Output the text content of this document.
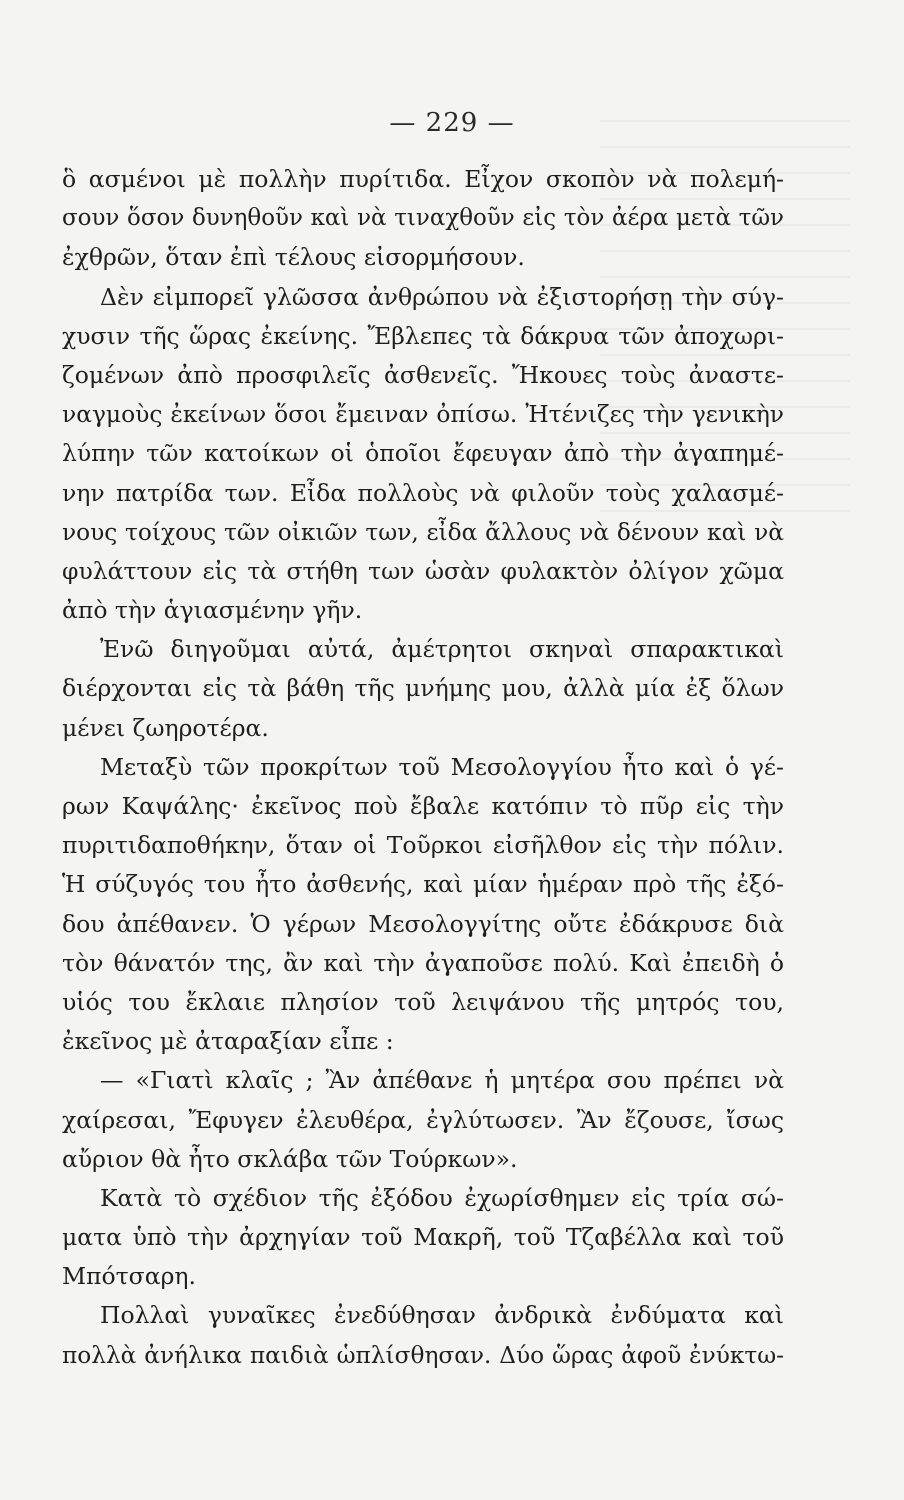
— 229 —
ὃ ασμένοι μὲ πολλὴν πυρίτιδα. Εἶχον σκοπὸν νὰ πολεμή-
σουν ὅσον δυνηθοῦν καὶ νὰ τιναχθοῦν εἰς τὸν ἀέρα μετὰ τῶν
ἐχθρῶν, ὅταν ἐπὶ τέλους εἰσορμήσουν.
Δὲν εἰμπορεῖ γλῶσσα ἀνθρώπου νὰ ἐξιστορήσῃ τὴν σύγ-
χυσιν τῆς ὥρας ἐκείνης. Ἔβλεπες τὰ δάκρυα τῶν ἀποχωρι-
ζομένων ἀπὸ προσφιλεῖς ἀσθενεῖς. Ἤκουες τοὺς ἀναστε-
ναγμοὺς ἐκείνων ὅσοι ἔμειναν ὀπίσω. Ἠτένιζες τὴν γενικὴν
λύπην τῶν κατοίκων οἱ ὁποῖοι ἔφευγαν ἀπὸ τὴν ἀγαπημέ-
νην πατρίδα των. Εἶδα πολλοὺς νὰ φιλοῦν τοὺς χαλασμέ-
νους τοίχους τῶν οἰκιῶν των, εἶδα ἄλλους νὰ δένουν καὶ νὰ
φυλάττουν εἰς τὰ στήθη των ὡσὰν φυλακτὸν ὀλίγον χῶμα
ἀπὸ τὴν ἁγιασμένην γῆν.
Ἐνῶ διηγοῦμαι αὐτά, ἀμέτρητοι σκηναὶ σπαρακτικαὶ
διέρχονται εἰς τὰ βάθη τῆς μνήμης μου, ἀλλὰ μία ἐξ ὅλων
μένει ζωηροτέρα.
Μεταξὺ τῶν προκρίτων τοῦ Μεσολογγίου ἦτο καὶ ὁ γέ-
ρων Καψάλης· ἐκεῖνος ποὺ ἔβαλε κατόπιν τὸ πῦρ εἰς τὴν
πυριτιδαποθήκην, ὅταν οἱ Τοῦρκοι εἰσῆλθον εἰς τὴν πόλιν.
Ἡ σύζυγός του ἦτο ἀσθενής, καὶ μίαν ἡμέραν πρὸ τῆς ἐξό-
δου ἀπέθανεν. Ὁ γέρων Μεσολογγίτης οὔτε ἐδάκρυσε διὰ
τὸν θάνατόν της, ἂν καὶ τὴν ἀγαποῦσε πολύ. Καὶ ἐπειδὴ ὁ
υἱός του ἔκλαιε πλησίον τοῦ λειψάνου τῆς μητρός του,
ἐκεῖνος μὲ ἀταραξίαν εἶπε :
— «Γιατὶ κλαῖς ; Ἂν ἀπέθανε ἡ μητέρα σου πρέπει νὰ
χαίρεσαι, Ἔφυγεν ἐλευθέρα, ἐγλύτωσεν. Ἂν ἔζουσε, ἴσως
αὔριον θὰ ἦτο σκλάβα τῶν Τούρκων».
Κατὰ τὸ σχέδιον τῆς ἐξόδου ἐχωρίσθημεν εἰς τρία σώ-
ματα ὑπὸ τὴν ἀρχηγίαν τοῦ Μακρῆ, τοῦ Τζαβέλλα καὶ τοῦ
Μπότσαρη.
Πολλαὶ γυναῖκες ἐνεδύθησαν ἀνδρικὰ ἐνδύματα καὶ
πολλὰ ἀνήλικα παιδιὰ ὡπλίσθησαν. Δύο ὥρας ἀφοῦ ἐνύκτω-
